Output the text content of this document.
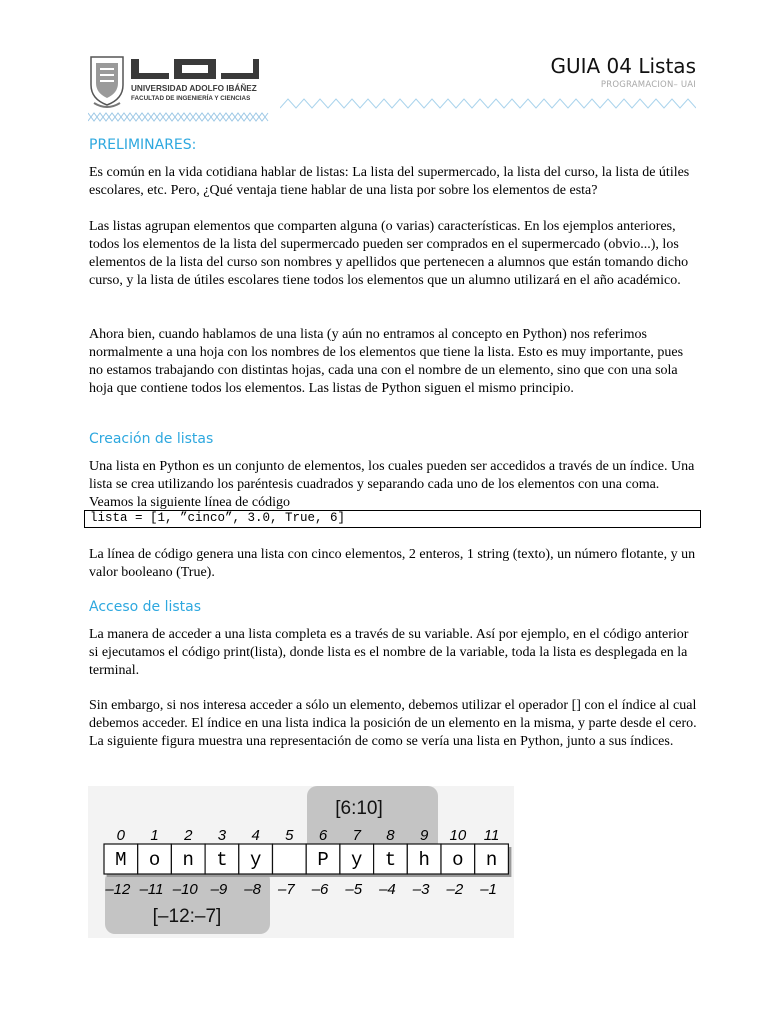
UNIVERSIDAD ADOLFO IBÁÑEZ
FACULTAD DE INGENIERÍA Y CIENCIAS
GUIA 04 Listas
PROGRAMACION– UAI
PRELIMINARES:

Es común en la vida cotidiana hablar de listas: La lista del supermercado, la lista del curso, la lista de útiles escolares, etc. Pero, ¿Qué ventaja tiene hablar de una lista por sobre los elementos de esta?

Las listas agrupan elementos que comparten alguna (o varias) características. En los ejemplos anteriores, todos los elementos de la lista del supermercado pueden ser comprados en el supermercado (obvio...), los elementos de la lista del curso son nombres y apellidos que pertenecen a alumnos que están tomando dicho curso, y la lista de útiles escolares tiene todos los elementos que un alumno utilizará en el año académico.

Ahora bien, cuando hablamos de una lista (y aún no entramos al concepto en Python) nos referimos normalmente a una hoja con los nombres de los elementos que tiene la lista. Esto es muy importante, pues no estamos trabajando con distintas hojas, cada una con el nombre de un elemento, sino que con una sola hoja que contiene todos los elementos. Las listas de Python siguen el mismo principio.

Creación de listas

Una lista en Python es un conjunto de elementos, los cuales pueden ser accedidos a través de un índice. Una lista se crea utilizando los paréntesis cuadrados y separando cada uno de los elementos con una coma. Veamos la siguiente línea de código

lista = [1, ”cinco”, 3.0, True, 6]

La línea de código genera una lista con cinco elementos, 2 enteros, 1 string (texto), un número flotante, y un valor booleano (True).

Acceso de listas

La manera de acceder a una lista completa es a través de su variable. Así por ejemplo, en el código anterior si ejecutamos el código print(lista), donde lista es el nombre de la variable, toda la lista es desplegada en la terminal.

Sin embargo, si nos interesa acceder a sólo un elemento, debemos utilizar el operador [] con el índice al cual debemos acceder. El índice en una lista indica la posición de un elemento en la misma, y parte desde el cero. La siguiente figura muestra una representación de como se vería una lista en Python, junto a sus índices.

[6:10]
[–12:–7]
M o n t y	P y t h o n
0 1 2 3 4 5 6 7 8 9 10 11
–12 –11 –10 –9 –8 –7 –6 –5 –4 –3 –2 –1
